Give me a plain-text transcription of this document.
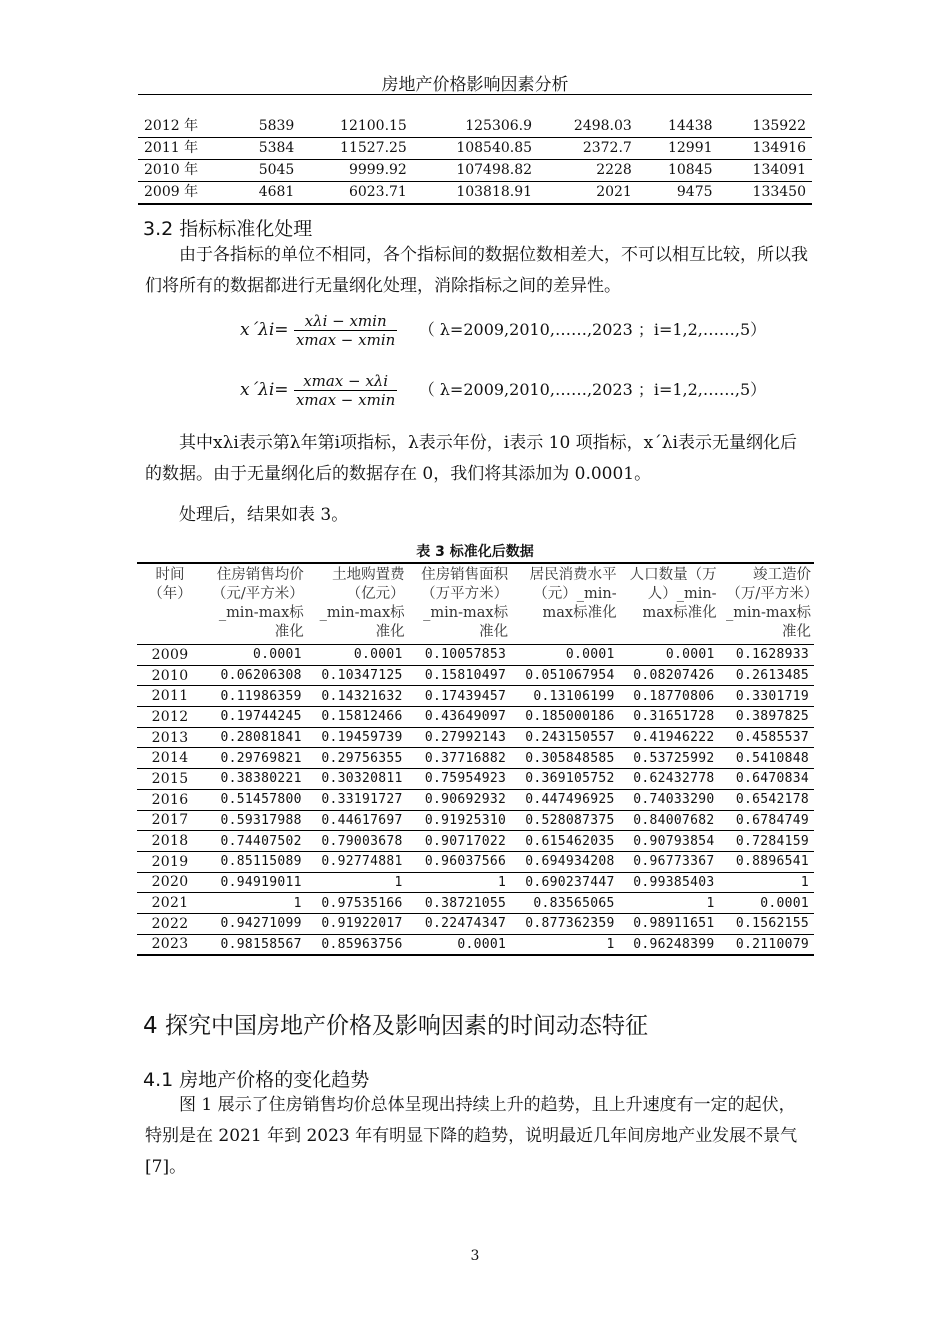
房地产价格影响因素分析
2012 年	5839	12100.15	125306.9	2498.03	14438	135922
2011 年	5384	11527.25	108540.85	2372.7	12991	134916
2010 年	5045	9999.92	107498.82	2228	10845	134091
2009 年	4681	6023.71	103818.91	2021	9475	133450
3.2 指标标准化处理
由于各指标的单位不相同，各个指标间的数据位数相差大，不可以相互比较，所以我们将所有的数据都进行无量纲化处理，消除指标之间的差异性。
x´λi= $\frac{\text{xλi − xmin}}{xmax - xmin}$ （ λ=2009,2010,……,2023 ；i=1,2,……,5）
x´λi= $\frac{\text{xmax − xλi}}{xmax - xmin}$ （ λ=2009,2010,……,2023 ；i=1,2,……,5）
其中xλi表示第λ年第i项指标，λ表示年份，i表示 10 项指标，x´λi表示无量纲化后的数据。由于无量纲化后的数据存在 0，我们将其添加为 0.0001。
处理后，结果如表 3。
表 3 标准化后数据
时间（年）	住房销售均价（元/平方米）_min-max标准化	土地购置费（亿元）_min-max标准化	住房销售面积（万平方米）_min-max标准化	居民消费水平（元）_min-max标准化	人口数量（万人）_min-max标准化	竣工造价（万/平方米）_min-max标准化
2009	0.0001	0.0001	0.10057853	0.0001	0.0001	0.1628933
2010	0.06206308	0.10347125	0.15810497	0.051067954	0.08207426	0.2613485
2011	0.11986359	0.14321632	0.17439457	0.13106199	0.18770806	0.3301719
2012	0.19744245	0.15812466	0.43649097	0.185000186	0.31651728	0.3897825
2013	0.28081841	0.19459739	0.27992143	0.243150557	0.41946222	0.4585537
2014	0.29769821	0.29756355	0.37716882	0.305848585	0.53725992	0.5410848
2015	0.38380221	0.30320811	0.75954923	0.369105752	0.62432778	0.6470834
2016	0.51457800	0.33191727	0.90692932	0.447496925	0.74033290	0.6542178
2017	0.59317988	0.44617697	0.91925310	0.528087375	0.84007682	0.6784749
2018	0.74407502	0.79003678	0.90717022	0.615462035	0.90793854	0.7284159
2019	0.85115089	0.92774881	0.96037566	0.694934208	0.96773367	0.8896541
2020	0.94919011	1	1	0.690237447	0.99385403	1
2021	1	0.97535166	0.38721055	0.83565065	1	0.0001
2022	0.94271099	0.91922017	0.22474347	0.877362359	0.98911651	0.1562155
2023	0.98158567	0.85963756	0.0001	1	0.96248399	0.2110079
4 探究中国房地产价格及影响因素的时间动态特征
4.1 房地产价格的变化趋势
图 1 展示了住房销售均价总体呈现出持续上升的趋势，且上升速度有一定的起伏，特别是在 2021 年到 2023 年有明显下降的趋势，说明最近几年间房地产业发展不景气[7]。
3
